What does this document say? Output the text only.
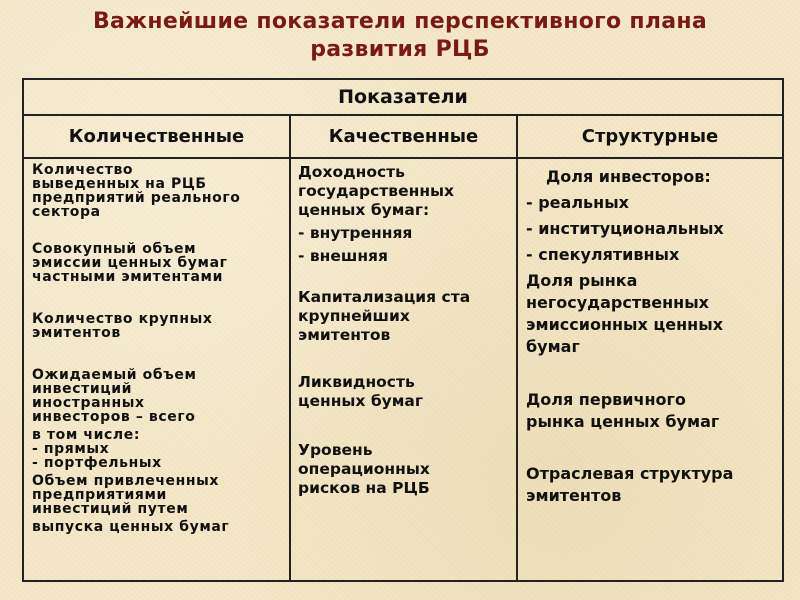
Важнейшие показатели перспективного плана
развития РЦБ
Показатели
Количественные	Качественные	Структурные
Количество
выведенных на РЦБ
предприятий реального
сектора
Совокупный объем
эмиссии ценных бумаг
частными эмитентами
Количество крупных
эмитентов
Ожидаемый объем
инвестиций
иностранных
инвесторов – всего
в том числе:
- прямых
- портфельных
Объем привлеченных
предприятиями
инвестиций путем
выпуска ценных бумаг
Доходность
государственных
ценных бумаг:
- внутренняя
- внешняя
Капитализация ста
крупнейших
эмитентов
Ликвидность
ценных бумаг
Уровень
операционных
рисков на РЦБ
Доля инвесторов:
- реальных
- институциональных
- спекулятивных
Доля рынка
негосударственных
эмиссионных ценных
бумаг
Доля первичного
рынка ценных бумаг
Отраслевая структура
эмитентов
